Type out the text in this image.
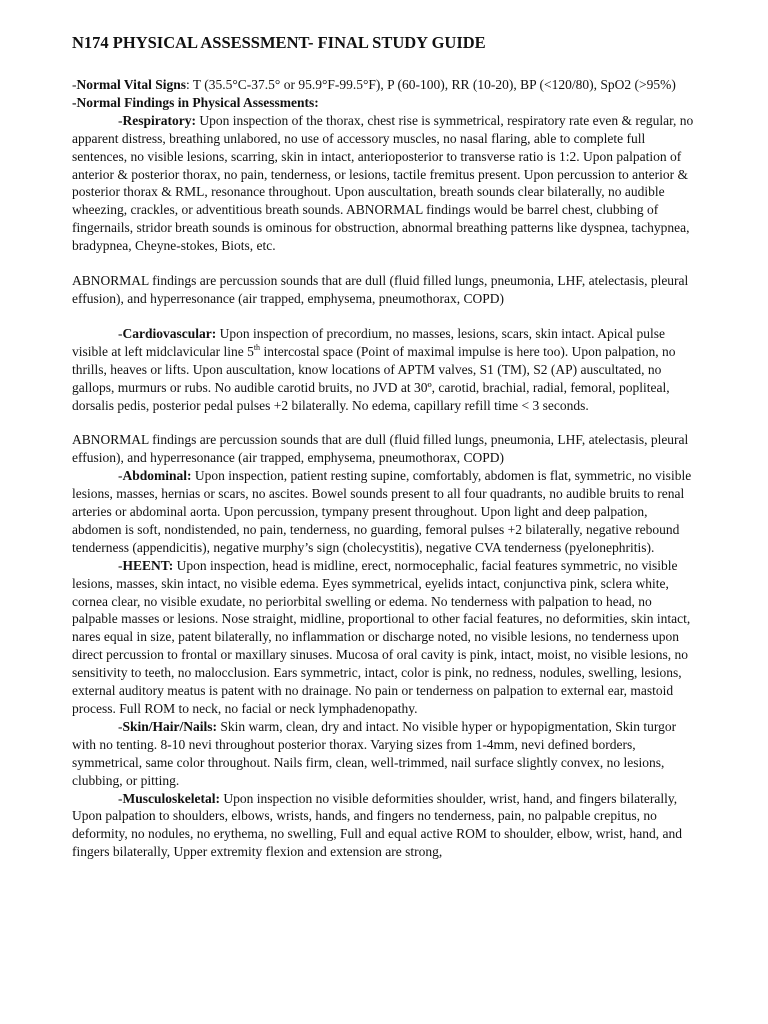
N174 PHYSICAL ASSESSMENT- FINAL STUDY GUIDE

-Normal Vital Signs: T (35.5°C-37.5° or 95.9°F-99.5°F), P (60-100), RR (10-20), BP (<120/80), SpO2 (>95%)

-Normal Findings in Physical Assessments:

-Respiratory: Upon inspection of the thorax, chest rise is symmetrical, respiratory rate even & regular, no apparent distress, breathing unlabored, no use of accessory muscles, no nasal flaring, able to complete full sentences, no visible lesions, scarring, skin in intact, anterioposterior to transverse ratio is 1:2. Upon palpation of anterior & posterior thorax, no pain, tenderness, or lesions, tactile fremitus present. Upon percussion to anterior & posterior thorax & RML, resonance throughout. Upon auscultation, breath sounds clear bilaterally, no audible wheezing, crackles, or adventitious breath sounds. ABNORMAL findings would be barrel chest, clubbing of fingernails, stridor breath sounds is ominous for obstruction, abnormal breathing patterns like dyspnea, tachypnea, bradypnea, Cheyne-stokes, Biots, etc.

ABNORMAL findings are percussion sounds that are dull (fluid filled lungs, pneumonia, LHF, atelectasis, pleural effusion), and hyperresonance (air trapped, emphysema, pneumothorax, COPD)

-Cardiovascular: Upon inspection of precordium, no masses, lesions, scars, skin intact. Apical pulse visible at left midclavicular line 5th intercostal space (Point of maximal impulse is here too). Upon palpation, no thrills, heaves or lifts. Upon auscultation, know locations of APTM valves, S1 (TM), S2 (AP) auscultated, no gallops, murmurs or rubs. No audible carotid bruits, no JVD at 30º, carotid, brachial, radial, femoral, popliteal, dorsalis pedis, posterior pedal pulses +2 bilaterally. No edema, capillary refill time < 3 seconds.

ABNORMAL findings are percussion sounds that are dull (fluid filled lungs, pneumonia, LHF, atelectasis, pleural effusion), and hyperresonance (air trapped, emphysema, pneumothorax, COPD)

-Abdominal: Upon inspection, patient resting supine, comfortably, abdomen is flat, symmetric, no visible lesions, masses, hernias or scars, no ascites. Bowel sounds present to all four quadrants, no audible bruits to renal arteries or abdominal aorta. Upon percussion, tympany present throughout. Upon light and deep palpation, abdomen is soft, nondistended, no pain, tenderness, no guarding, femoral pulses +2 bilaterally, negative rebound tenderness (appendicitis), negative murphy’s sign (cholecystitis), negative CVA tenderness (pyelonephritis).

-HEENT: Upon inspection, head is midline, erect, normocephalic, facial features symmetric, no visible lesions, masses, skin intact, no visible edema. Eyes symmetrical, eyelids intact, conjunctiva pink, sclera white, cornea clear, no visible exudate, no periorbital swelling or edema. No tenderness with palpation to head, no palpable masses or lesions. Nose straight, midline, proportional to other facial features, no deformities, skin intact, nares equal in size, patent bilaterally, no inflammation or discharge noted, no visible lesions, no tenderness upon direct percussion to frontal or maxillary sinuses. Mucosa of oral cavity is pink, intact, moist, no visible lesions, no sensitivity to teeth, no malocclusion. Ears symmetric, intact, color is pink, no redness, nodules, swelling, lesions, external auditory meatus is patent with no drainage. No pain or tenderness on palpation to external ear, mastoid process. Full ROM to neck, no facial or neck lymphadenopathy.

-Skin/Hair/Nails: Skin warm, clean, dry and intact. No visible hyper or hypopigmentation, Skin turgor with no tenting. 8-10 nevi throughout posterior thorax. Varying sizes from 1-4mm, nevi defined borders, symmetrical, same color throughout. Nails firm, clean, well-trimmed, nail surface slightly convex, no lesions, clubbing, or pitting.

-Musculoskeletal: Upon inspection no visible deformities shoulder, wrist, hand, and fingers bilaterally, Upon palpation to shoulders, elbows, wrists, hands, and fingers no tenderness, pain, no palpable crepitus, no deformity, no nodules, no erythema, no swelling, Full and equal active ROM to shoulder, elbow, wrist, hand, and fingers bilaterally, Upper extremity flexion and extension are strong,
